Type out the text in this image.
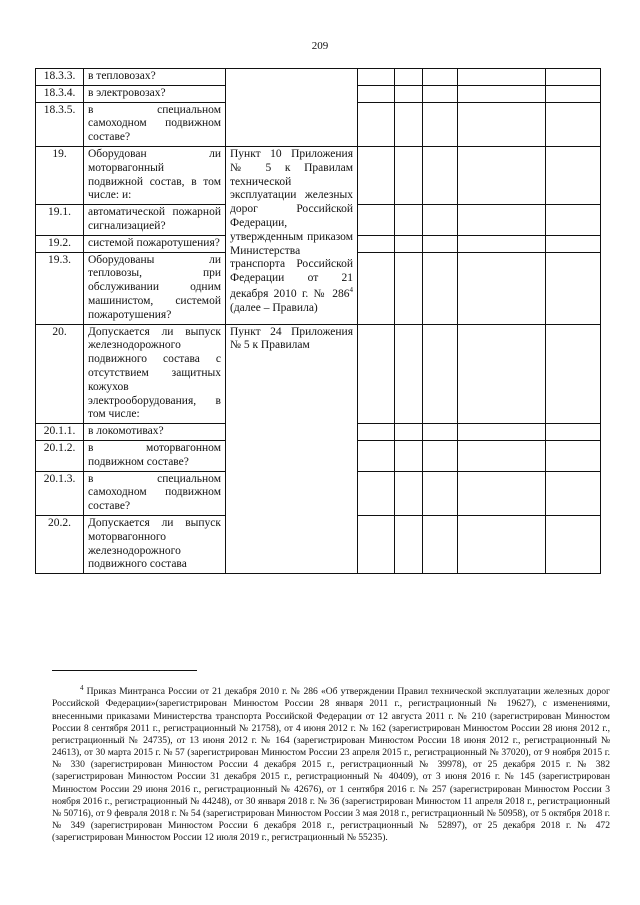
209
18.3.3.	в тепловозах?						
18.3.4.	в электровозах?						
18.3.5.	в специальном самоходном подвижном составе?						
19.	Оборудован ли моторвагонный подвижной состав, в том числе: и:	Пункт 10 Приложения № 5 к Правилам технической эксплуатации железных дорог Российской Федерации, утвержденным приказом Министерства транспорта Российской Федерации от 21 декабря 2010 г. № $286^4$ (далее – Правила)					
19.1.	автоматической пожарной сигнализацией?						
19.2.	системой пожаротушения?						
19.3.	Оборудованы ли тепловозы, при обслуживании одним машинистом, системой пожаротушения?						
20.	Допускается ли выпуск железнодорожного подвижного состава с отсутствием защитных кожухов электрооборудования, в том числе:	Пункт 24 Приложения № 5 к Правилам					
20.1.1.	в локомотивах?						
20.1.2.	в моторвагонном подвижном составе?						
20.1.3.	в специальном самоходном подвижном составе?						
20.2.	Допускается ли выпуск моторвагонного железнодорожного подвижного состава						
$^4$ Приказ Минтранса России от 21 декабря 2010 г. № 286 «Об утверждении Правил технической эксплуатации железных дорог Российской Федерации»(зарегистрирован Минюстом России 28 января 2011 г., регистрационный № 19627), с изменениями, внесенными приказами Министерства транспорта Российской Федерации от 12 августа 2011 г. № 210 (зарегистрирован Минюстом России 8 сентября 2011 г., регистрационный № 21758), от 4 июня 2012 г. № 162 (зарегистрирован Минюстом России 28 июня 2012 г., регистрационный № 24735), от 13 июня 2012 г. № 164 (зарегистрирован Минюстом России 18 июня 2012 г., регистрационный № 24613), от 30 марта 2015 г. № 57 (зарегистрирован Минюстом России 23 апреля 2015 г., регистрационный № 37020), от 9 ноября 2015 г. № 330 (зарегистрирован Минюстом России 4 декабря 2015 г., регистрационный № 39978), от 25 декабря 2015 г. № 382 (зарегистрирован Минюстом России 31 декабря 2015 г., регистрационный № 40409), от 3 июня 2016 г. № 145 (зарегистрирован Минюстом России 29 июня 2016 г., регистрационный № 42676), от 1 сентября 2016 г. № 257 (зарегистрирован Минюстом России 3 ноября 2016 г., регистрационный № 44248), от 30 января 2018 г. № 36 (зарегистрирован Минюстом 11 апреля 2018 г., регистрационный № 50716), от 9 февраля 2018 г. № 54 (зарегистрирован Минюстом России 3 мая 2018 г., регистрационный № 50958), от 5 октября 2018 г. № 349 (зарегистрирован Минюстом России 6 декабря 2018 г., регистрационный № 52897), от 25 декабря 2018 г. № 472 (зарегистрирован Минюстом России 12 июля 2019 г., регистрационный № 55235).
